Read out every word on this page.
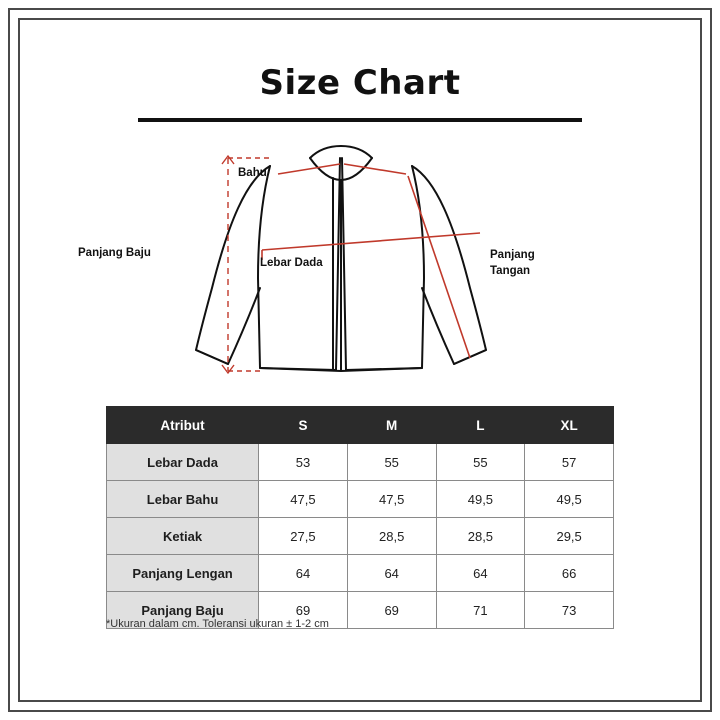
Size Chart
Bahu
Panjang Baju
Lebar Dada
Panjang
Tangan
Atribut	S	M	L	XL
Lebar Dada	53	55	55	57
Lebar Bahu	47,5	47,5	49,5	49,5
Ketiak	27,5	28,5	28,5	29,5
Panjang Lengan	64	64	64	66
Panjang Baju	69	69	71	73
*Ukuran dalam cm. Toleransi ukuran ± 1-2 cm
